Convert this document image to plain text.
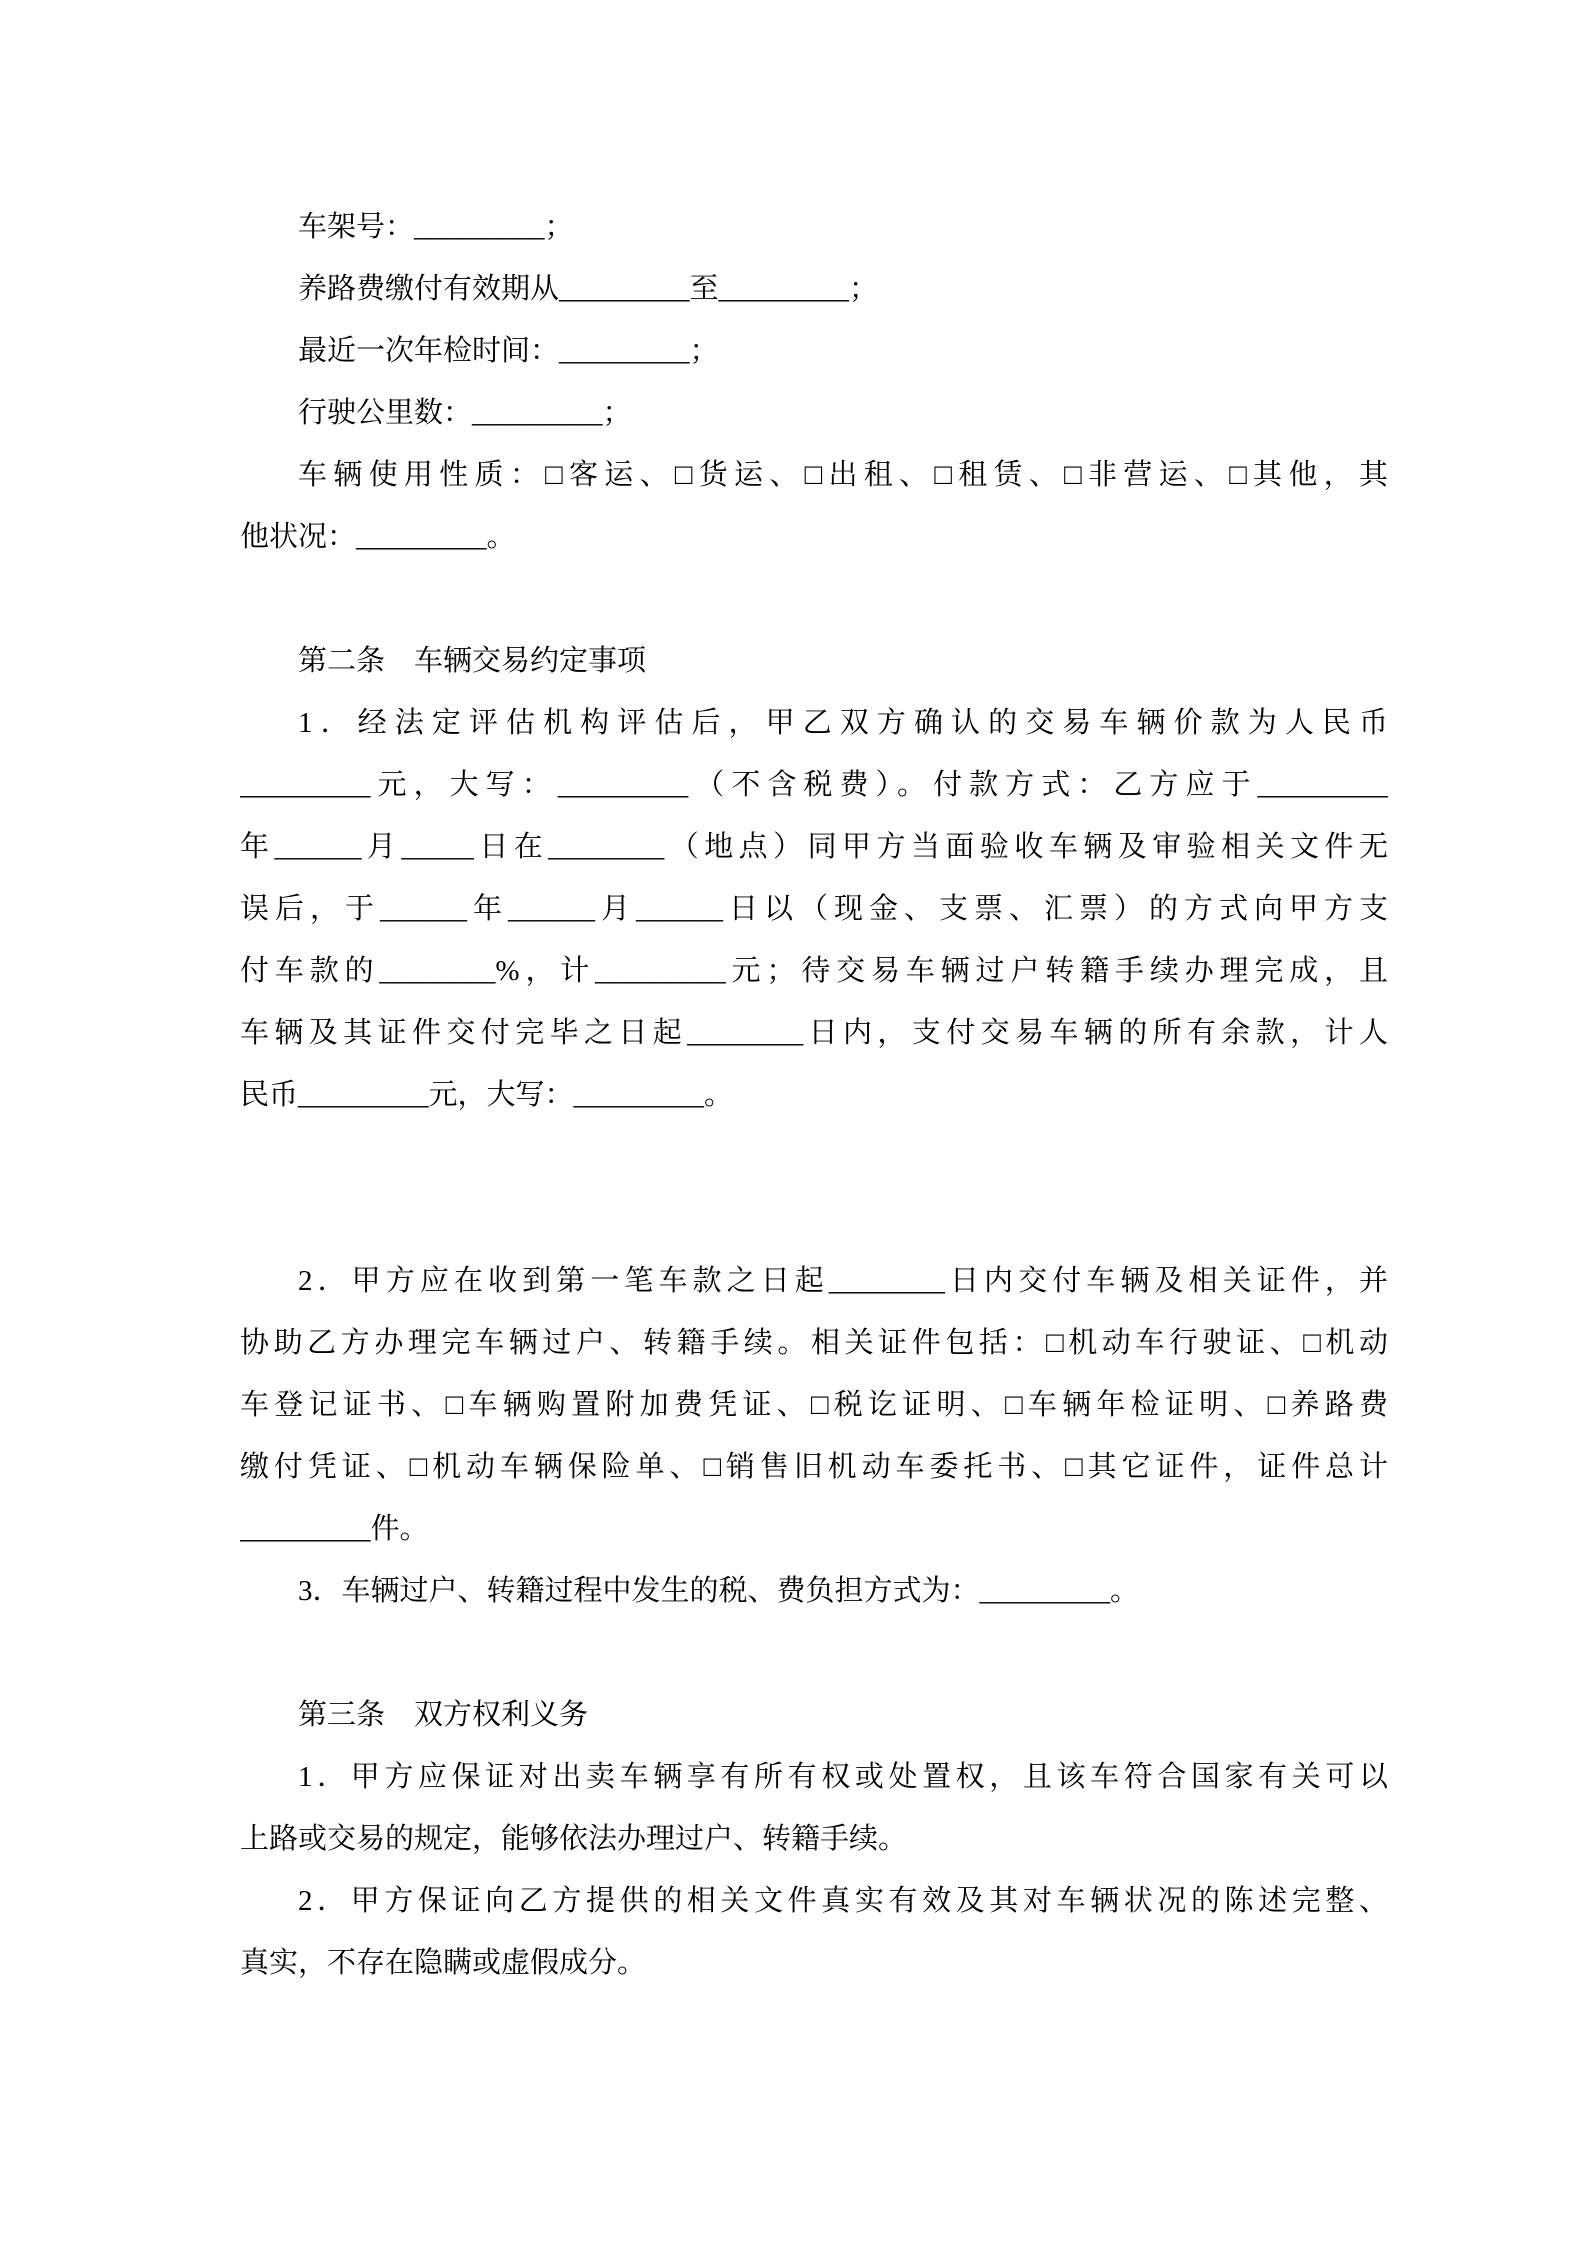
车架号：_________；
养路费缴付有效期从_________至_________；
最近一次年检时间：_________；
行驶公里数：_________；
车辆使用性质：□客运、□货运、□出租、□租赁、□非营运、□其他，其
他状况：_________。
第二条　车辆交易约定事项
1．经法定评估机构评估后，甲乙双方确认的交易车辆价款为人民币
_________元，大写：_________（不含税费）。付款方式：乙方应于_________
年______月_____日在________（地点）同甲方当面验收车辆及审验相关文件无
误后，于______年______月______日以（现金、支票、汇票）的方式向甲方支
付车款的________%，计_________元；待交易车辆过户转籍手续办理完成，且
车辆及其证件交付完毕之日起________日内，支付交易车辆的所有余款，计人
民币_________元，大写：_________。
2．甲方应在收到第一笔车款之日起________日内交付车辆及相关证件，并
协助乙方办理完车辆过户、转籍手续。相关证件包括：□机动车行驶证、□机动
车登记证书、□车辆购置附加费凭证、□税讫证明、□车辆年检证明、□养路费
缴付凭证、□机动车辆保险单、□销售旧机动车委托书、□其它证件，证件总计
_________件。
3．车辆过户、转籍过程中发生的税、费负担方式为：_________。
第三条　双方权利义务
1．甲方应保证对出卖车辆享有所有权或处置权，且该车符合国家有关可以
上路或交易的规定，能够依法办理过户、转籍手续。
2．甲方保证向乙方提供的相关文件真实有效及其对车辆状况的陈述完整、
真实，不存在隐瞒或虚假成分。
